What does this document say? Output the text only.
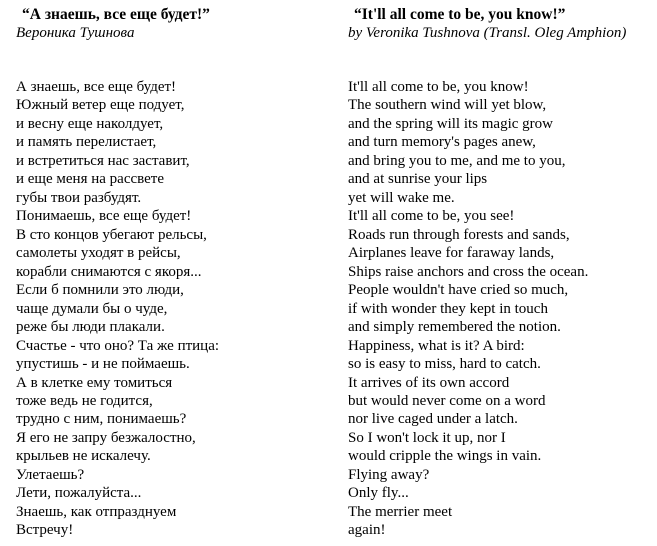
“А знаешь, все еще будет!”
Вероника Тушнова
А знаешь, все еще будет!
Южный ветер еще подует,
и весну еще наколдует,
и память перелистает,
и встретиться нас заставит,
и еще меня на рассвете
губы твои разбудят.
Понимаешь, все еще будет!
В сто концов убегают рельсы,
самолеты уходят в рейсы,
корабли снимаются с якоря...
Если б помнили это люди,
чаще думали бы о чуде,
реже бы люди плакали.
Счастье - что оно? Та же птица:
упустишь - и не поймаешь.
А в клетке ему томиться
тоже ведь не годится,
трудно с ним, понимаешь?
Я его не запру безжалостно,
крыльев не искалечу.
Улетаешь?
Лети, пожалуйста...
Знаешь, как отпразднуем
Встречу!
“It'll all come to be, you know!”
by Veronika Tushnova (Transl. Oleg Amphion)
It'll all come to be, you know!
The southern wind will yet blow,
and the spring will its magic grow
and turn memory's pages anew,
and bring you to me, and me to you,
and at sunrise your lips
yet will wake me.
It'll all come to be, you see!
Roads run through forests and sands,
Airplanes leave for faraway lands,
Ships raise anchors and cross the ocean.
People wouldn't have cried so much,
if with wonder they kept in touch
and simply remembered the notion.
Happiness, what is it? A bird:
so is easy to miss, hard to catch.
It arrives of its own accord
but would never come on a word
nor live caged under a latch.
So I won't lock it up, nor I
would cripple the wings in vain.
Flying away?
Only fly...
The merrier meet
again!
